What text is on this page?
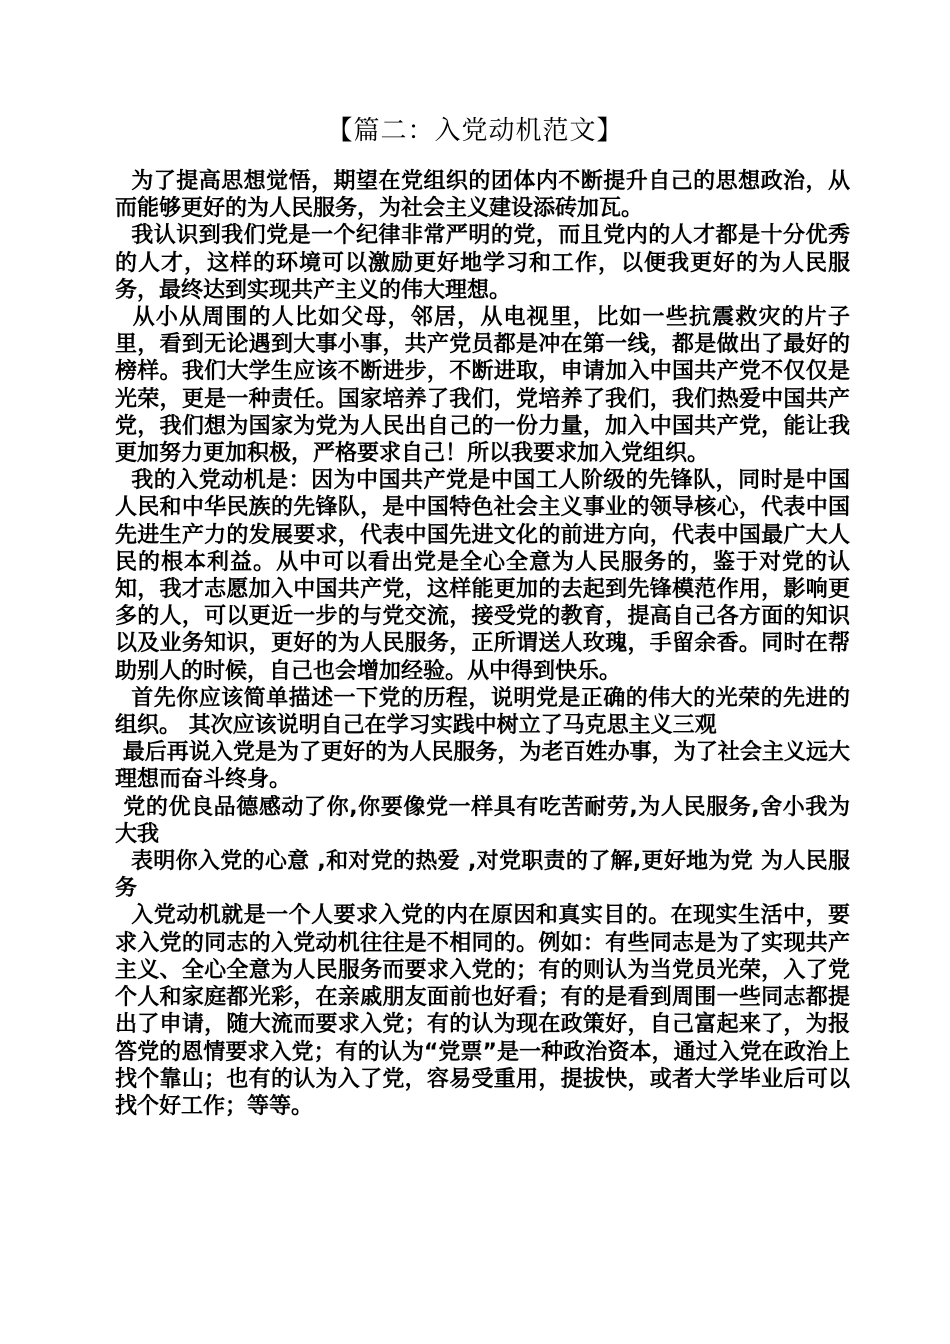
【篇二：入党动机范文】

为了提高思想觉悟，期望在党组织的团体内不断提升自己的思想政治，从而能够更好的为人民服务，为社会主义建设添砖加瓦。

我认识到我们党是一个纪律非常严明的党，而且党内的人才都是十分优秀的人才，这样的环境可以激励更好地学习和工作，以便我更好的为人民服务，最终达到实现共产主义的伟大理想。

从小从周围的人比如父母，邻居，从电视里，比如一些抗震救灾的片子里，看到无论遇到大事小事，共产党员都是冲在第一线，都是做出了最好的榜样。我们大学生应该不断进步，不断进取，申请加入中国共产党不仅仅是光荣，更是一种责任。国家培养了我们，党培养了我们，我们热爱中国共产党，我们想为国家为党为人民出自己的一份力量，加入中国共产党，能让我更加努力更加积极，严格要求自己！所以我要求加入党组织。

我的入党动机是：因为中国共产党是中国工人阶级的先锋队，同时是中国人民和中华民族的先锋队，是中国特色社会主义事业的领导核心，代表中国先进生产力的发展要求，代表中国先进文化的前进方向，代表中国最广大人民的根本利益。从中可以看出党是全心全意为人民服务的，鉴于对党的认知，我才志愿加入中国共产党，这样能更加的去起到先锋模范作用，影响更多的人，可以更近一步的与党交流，接受党的教育，提高自己各方面的知识以及业务知识，更好的为人民服务，正所谓送人玫瑰，手留余香。同时在帮助别人的时候，自己也会增加经验。从中得到快乐。

首先你应该简单描述一下党的历程，说明党是正确的伟大的光荣的先进的组织。 其次应该说明自己在学习实践中树立了马克思主义三观

最后再说入党是为了更好的为人民服务，为老百姓办事，为了社会主义远大理想而奋斗终身。

党的优良品德感动了你,你要像党一样具有吃苦耐劳,为人民服务,舍小我为大我

表明你入党的心意 ,和对党的热爱 ,对党职责的了解,更好地为党 为人民服务

入党动机就是一个人要求入党的内在原因和真实目的。在现实生活中，要求入党的同志的入党动机往往是不相同的。例如：有些同志是为了实现共产主义、全心全意为人民服务而要求入党的；有的则认为当党员光荣，入了党个人和家庭都光彩，在亲戚朋友面前也好看；有的是看到周围一些同志都提出了申请，随大流而要求入党；有的认为现在政策好，自己富起来了，为报答党的恩情要求入党；有的认为“党票”是一种政治资本，通过入党在政治上找个靠山；也有的认为入了党，容易受重用，提拔快，或者大学毕业后可以找个好工作；等等。
